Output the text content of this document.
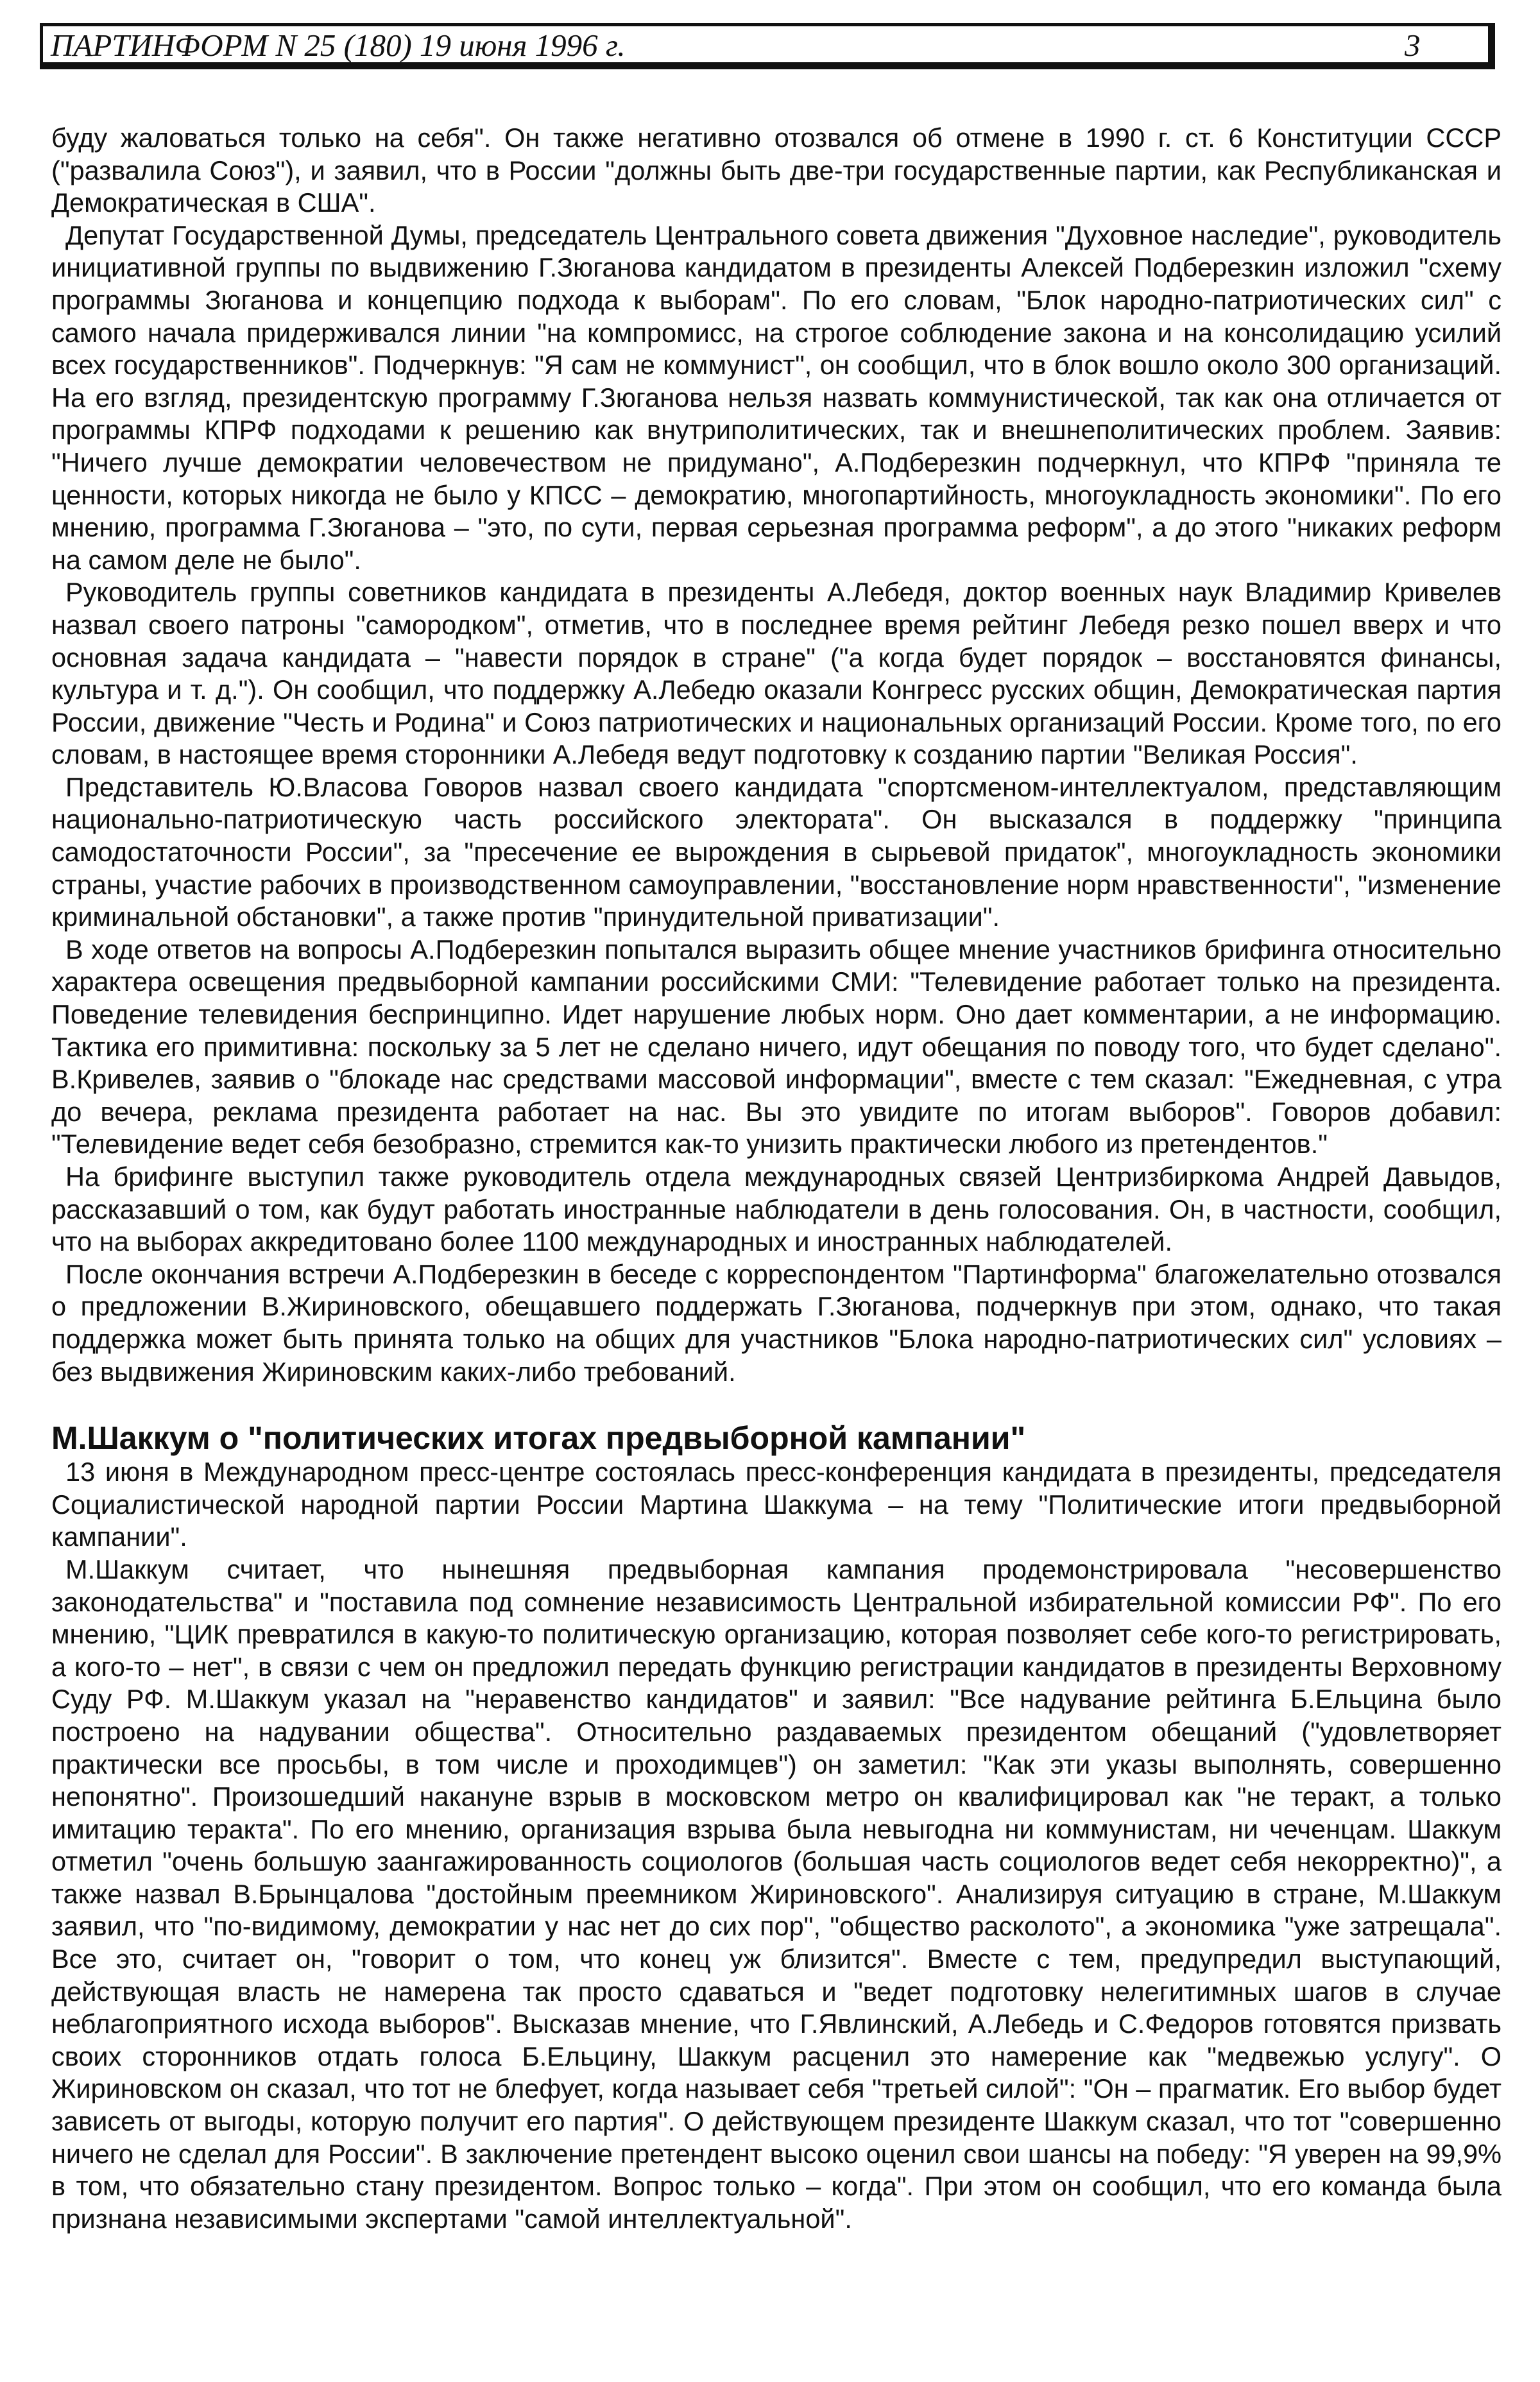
ПАРТИНФОРМ N 25 (180) 19 июня 1996 г.	3

буду жаловаться только на себя". Он также негативно отозвался об отмене в 1990 г. ст. 6 Конституции СССР ("развалила Союз"), и заявил, что в России "должны быть две-три государственные партии, как Республиканская и Демократическая в США".

Депутат Государственной Думы, председатель Центрального совета движения "Духовное наследие", руководитель инициативной группы по выдвижению Г.Зюганова кандидатом в президенты Алексей Подберезкин изложил "схему программы Зюганова и концепцию подхода к выборам". По его словам, "Блок народно-патриотических сил" с самого начала придерживался линии "на компромисс, на строгое соблюдение закона и на консолидацию усилий всех государственников". Подчеркнув: "Я сам не коммунист", он сообщил, что в блок вошло около 300 организаций. На его взгляд, президентскую программу Г.Зюганова нельзя назвать коммунистической, так как она отличается от программы КПРФ подходами к решению как внутриполитических, так и внешнеполитических проблем. Заявив: "Ничего лучше демократии человечеством не придумано", А.Подберезкин подчеркнул, что КПРФ "приняла те ценности, которых никогда не было у КПСС – демократию, многопартийность, многоукладность экономики". По его мнению, программа Г.Зюганова – "это, по сути, первая серьезная программа реформ", а до этого "никаких реформ на самом деле не было".

Руководитель группы советников кандидата в президенты А.Лебедя, доктор военных наук Владимир Кривелев назвал своего патроны "самородком", отметив, что в последнее время рейтинг Лебедя резко пошел вверх и что основная задача кандидата – "навести порядок в стране" ("а когда будет порядок – восстановятся финансы, культура и т. д."). Он сообщил, что поддержку А.Лебедю оказали Конгресс русских общин, Демократическая партия России, движение "Честь и Родина" и Союз патриотических и национальных организаций России. Кроме того, по его словам, в настоящее время сторонники А.Лебедя ведут подготовку к созданию партии "Великая Россия".

Представитель Ю.Власова Говоров назвал своего кандидата "спортсменом-интеллектуалом, представляющим национально-патриотическую часть российского электората". Он высказался в поддержку "принципа самодостаточности России", за "пресечение ее вырождения в сырьевой придаток", многоукладность экономики страны, участие рабочих в производственном самоуправлении, "восстановление норм нравственности", "изменение криминальной обстановки", а также против "принудительной приватизации".

В ходе ответов на вопросы А.Подберезкин попытался выразить общее мнение участников брифинга относительно характера освещения предвыборной кампании российскими СМИ: "Телевидение работает только на президента. Поведение телевидения беспринципно. Идет нарушение любых норм. Оно дает комментарии, а не информацию. Тактика его примитивна: поскольку за 5 лет не сделано ничего, идут обещания по поводу того, что будет сделано". В.Кривелев, заявив о "блокаде нас средствами массовой информации", вместе с тем сказал: "Ежедневная, с утра до вечера, реклама президента работает на нас. Вы это увидите по итогам выборов". Говоров добавил: "Телевидение ведет себя безобразно, стремится как-то унизить практически любого из претендентов."

На брифинге выступил также руководитель отдела международных связей Центризбиркома Андрей Давыдов, рассказавший о том, как будут работать иностранные наблюдатели в день голосования. Он, в частности, сообщил, что на выборах аккредитовано более 1100 международных и иностранных наблюдателей.

После окончания встречи А.Подберезкин в беседе с корреспондентом "Партинформа" благожелательно отозвался о предложении В.Жириновского, обещавшего поддержать Г.Зюганова, подчеркнув при этом, однако, что такая поддержка может быть принята только на общих для участников "Блока народно-патриотических сил" условиях – без выдвижения Жириновским каких-либо требований.

М.Шаккум о "политических итогах предвыборной кампании"

13 июня в Международном пресс-центре состоялась пресс-конференция кандидата в президенты, председателя Социалистической народной партии России Мартина Шаккума – на тему "Политические итоги предвыборной кампании".

М.Шаккум считает, что нынешняя предвыборная кампания продемонстрировала "несовершенство законодательства" и "поставила под сомнение независимость Центральной избирательной комиссии РФ". По его мнению, "ЦИК превратился в какую-то политическую организацию, которая позволяет себе кого-то регистрировать, а кого-то – нет", в связи с чем он предложил передать функцию регистрации кандидатов в президенты Верховному Суду РФ. М.Шаккум указал на "неравенство кандидатов" и заявил: "Все надувание рейтинга Б.Ельцина было построено на надувании общества". Относительно раздаваемых президентом обещаний ("удовлетворяет практически все просьбы, в том числе и проходимцев") он заметил: "Как эти указы выполнять, совершенно непонятно". Произошедший накануне взрыв в московском метро он квалифицировал как "не теракт, а только имитацию теракта". По его мнению, организация взрыва была невыгодна ни коммунистам, ни чеченцам. Шаккум отметил "очень большую заангажированность социологов (большая часть социологов ведет себя некорректно)", а также назвал В.Брынцалова "достойным преемником Жириновского". Анализируя ситуацию в стране, М.Шаккум заявил, что "по-видимому, демократии у нас нет до сих пор", "общество расколото", а экономика "уже затрещала". Все это, считает он, "говорит о том, что конец уж близится". Вместе с тем, предупредил выступающий, действующая власть не намерена так просто сдаваться и "ведет подготовку нелегитимных шагов в случае неблагоприятного исхода выборов". Высказав мнение, что Г.Явлинский, А.Лебедь и С.Федоров готовятся призвать своих сторонников отдать голоса Б.Ельцину, Шаккум расценил это намерение как "медвежью услугу". О Жириновском он сказал, что тот не блефует, когда называет себя "третьей силой": "Он – прагматик. Его выбор будет зависеть от выгоды, которую получит его партия". О действующем президенте Шаккум сказал, что тот "совершенно ничего не сделал для России". В заключение претендент высоко оценил свои шансы на победу: "Я уверен на 99,9% в том, что обязательно стану президентом. Вопрос только – когда". При этом он сообщил, что его команда была признана независимыми экспертами "самой интеллектуальной".
